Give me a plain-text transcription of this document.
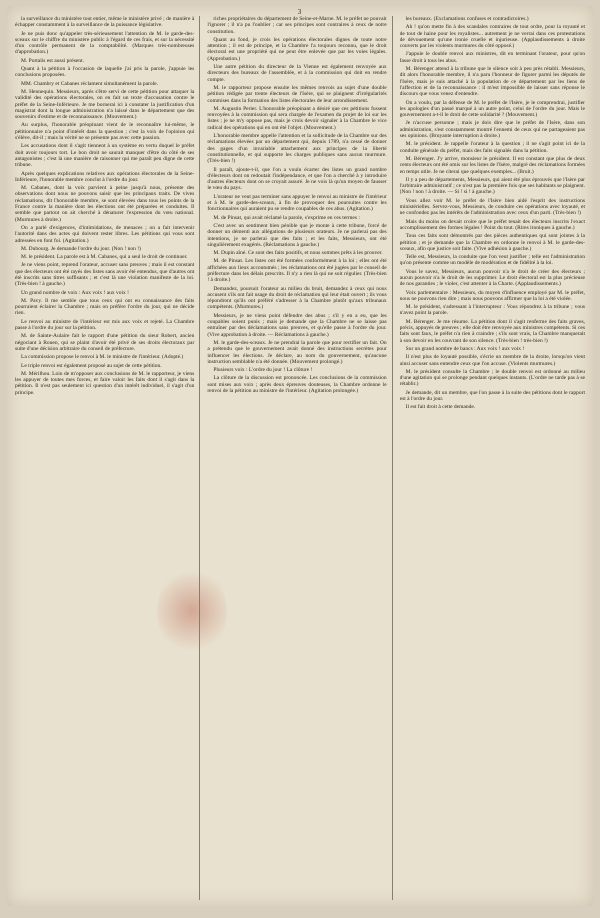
3

la surveillance du ministère tout entier, même le ministère privé ; de manière à échapper constamment à la surveillance de la puissance législative.

Je ne puis donc qu'appeler très-sérieusement l'attention de M. le garde-des-sceaux sur le chiffre du ministère public à l'égard de ces frais, et sur la nécessité d'un contrôle permanent de la comptabilité. (Marques très-nombreuses d'approbation.)

M. Portalis est aussi présent.

Quant à la pétition à l'occasion de laquelle j'ai pris la parole, j'appuie les conclusions proposées.

MM. Chambry et Cabanes réclament simultanément la parole.

M. Hennequin. Messieurs, après s'être servi de cette pétition pour attaquer la validité des opérations électorales, on en fait un texte d'accusation contre le préfet de la Seine-Inférieure. Je me bornerai ici à constater la justification d'un magistrat dont la longue administration n'a laissé dans le département que des souvenirs d'estime et de reconnaissance. (Mouvement.)

Au surplus, l'honorable préopinant vient de le reconnaître lui-même, le pétitionnaire n'a point d'intérêt dans la question ; c'est la voix de l'opinion qui s'élève, dit-il ; mais la vérité ne se présente pas avec cette passion.

Les accusations dont il s'agit tiennent à un système en vertu duquel le préfet doit avoir toujours tort. Le bon droit ne saurait manquer d'être du côté de ses antagonistes ; c'est là une manière de raisonner qui me paraît peu digne de cette tribune.

Après quelques explications relatives aux opérations électorales de la Seine-Inférieure, l'honorable membre conclut à l'ordre du jour.

M. Cabanes, dont la voix parvient à peine jusqu'à nous, présente des observations dont nous ne pouvons saisir que les principaux traits. De vives réclamations, dit l'honorable membre, se sont élevées dans tous les points de la France contre la manière dont les élections ont été préparées et conduites. Il semble que partout on ait cherché à dénaturer l'expression du vœu national. (Murmures à droite.)

On a parlé d'exigences, d'intimidations, de menaces ; on a fait intervenir l'autorité dans des actes qui doivent rester libres. Les pétitions qui vous sont adressées en font foi. (Agitation.)

M. Dubourg. Je demande l'ordre du jour. (Non ! non !)

M. le président. La parole est à M. Cabanes, qui a seul le droit de continuer.

Je ne viens point, reprend l'orateur, accuser sans preuves ; mais il est constant que des électeurs ont été rayés des listes sans avoir été entendus, que d'autres ont été inscrits sans titres suffisants ; et c'est là une violation manifeste de la loi. (Très-bien ! à gauche.)

Un grand nombre de voix : Aux voix ! aux voix !

M. Pavy. Il me semble que tous ceux qui ont eu connaissance des faits pourraient éclairer la Chambre ; mais on préfère l'ordre du jour, qui ne décide rien.

Le renvoi au ministre de l'intérieur est mis aux voix et rejeté. La Chambre passe à l'ordre du jour sur la pétition.

M. de Sainte-Aulaire fait le rapport d'une pétition du sieur Robert, ancien négociant à Rouen, qui se plaint d'avoir été privé de ses droits électoraux par suite d'une décision arbitraire du conseil de préfecture.

La commission propose le renvoi à M. le ministre de l'intérieur. (Adopté.)

Le triple renvoi est également proposé au sujet de cette pétition.

M. Mérilhou. Loin de m'opposer aux conclusions de M. le rapporteur, je viens les appuyer de toutes mes forces, et faire valoir les faits dont il s'agit dans la pétition. Il n'est pas seulement ici question d'un intérêt individuel, il s'agit d'un principe.

riches propriétaires du département de Seine-et-Marne. M. le préfet ne pouvait l'ignorer ; il n'a pu l'oublier ; car ses principes sont contraires à ceux de notre constitution.

Quant au fond, je crois les opérations électorales dignes de toute notre attention ; il est de principe, et la Chambre l'a toujours reconnu, que le droit électoral est une propriété qui ne peut être enlevée que par les voies légales. (Approbation.)

Une autre pétition du directeur de la Vienne est également renvoyée aux directeurs des bureaux de l'assemblée, et à la commission qui doit en rendre compte.

M. le rapporteur propose ensuite les mêmes renvois au sujet d'une double pétition rédigée par trente électeurs de l'Isère, qui se plaignent d'irrégularités commises dans la formation des listes électorales de leur arrondissement.

M. Augustin Perier. L'honorable préopinant a désiré que ces pétitions fussent renvoyées à la commission qui sera chargée de l'examen du projet de loi sur les listes ; je ne m'y oppose pas, mais je crois devoir signaler à la Chambre le vice radical des opérations qui en ont été l'objet. (Mouvement.)

L'honorable membre appelle l'attention et la sollicitude de la Chambre sur des réclamations élevées par un département qui, depuis 1789, n'a cessé de donner des gages d'un invariable attachement aux principes de la liberté constitutionnelle, et qui supporte les charges publiques sans aucun murmure. (Très-bien !)

Il paraît, ajoute-t-il, que l'on a voulu écarter des listes un grand nombre d'électeurs dont on redoutait l'indépendance, et que l'on a cherché à y introduire d'autres électeurs dont on se croyait assuré. Je ne vois là qu'un moyen de fausser le vœu du pays.

L'orateur ne veut pas terminer sans appuyer le renvoi au ministre de l'intérieur et à M. le garde-des-sceaux, à fin de provoquer des poursuites contre les fonctionnaires qui auraient pu se rendre coupables de ces abus. (Agitation.)

M. de Pinsat, qui avait réclamé la parole, s'exprime en ces termes :

C'est avec un sentiment bien pénible que je monte à cette tribune, forcé de donner un démenti aux allégations de plusieurs orateurs. Je ne parlerai pas des intentions, je ne parlerai que des faits ; et les faits, Messieurs, ont été singulièrement exagérés. (Réclamations à gauche.)

M. Dupin aîné. Ce sont des faits positifs, et nous sommes prêts à les prouver.

M. de Pinsat. Les listes ont été formées conformément à la loi ; elles ont été affichées aux lieux accoutumés ; les réclamations ont été jugées par le conseil de préfecture dans les délais prescrits. Il n'y a rien là qui ne soit régulier. (Très-bien ! à droite.)

Demandez, poursuit l'orateur au milieu du bruit, demandez à ceux qui nous accusent s'ils ont fait usage du droit de réclamation qui leur était ouvert ; ils vous répondront qu'ils ont préféré s'adresser à la Chambre plutôt qu'aux tribunaux compétents. (Murmures.)

Messieurs, je ne viens point défendre des abus ; s'il y en a eu, que les coupables soient punis ; mais je demande que la Chambre ne se laisse pas entraîner par des déclamations sans preuves, et qu'elle passe à l'ordre du jour. (Vive approbation à droite. — Réclamations à gauche.)

M. le garde-des-sceaux. Je ne prendrai la parole que pour rectifier un fait. On a prétendu que le gouvernement avait donné des instructions secrètes pour influencer les élections. Je déclare, au nom du gouvernement, qu'aucune instruction semblable n'a été donnée. (Mouvement prolongé.)

Plusieurs voix : L'ordre du jour ! La clôture !

La clôture de la discussion est prononcée. Les conclusions de la commission sont mises aux voix ; après deux épreuves douteuses, la Chambre ordonne le renvoi de la pétition au ministre de l'intérieur. (Agitation prolongée.)

les bureaux. (Exclamations confuses et contradictoires.)

Ah ! qu'on mette fin à des scandales contraires de tout ordre, pour la royauté et de tout de haine pour les royalistes... autrement je ne verrai dans ces protestations de dévouement qu'une ironie cruelle et injurieuse. (Applaudissements à droite couverts par les violents murmures du côté opposé.)

J'appuie le double renvoi aux ministres, dit en terminant l'orateur, pour qu'on fasse droit à tous les abus.

M. Bérenger attend à la tribune que le silence soit à peu près rétabli. Messieurs, dit alors l'honorable membre, il n'a paru l'honneur de figurer parmi les députés de l'Isère, mais je suis attaché à la population de ce département par les liens de l'affection et de la reconnaissance : il m'est impossible de laisser sans réponse le discours que vous venez d'entendre.

On a voulu, par la défense de M. le préfet de l'Isère, je le comprendrai, justifier les apologies d'un passé marqué à un autre point, celui de l'ordre du jour. Mais le gouvernement a-t-il le droit de cette solidarité ? (Mouvement.)

Je n'accuse personne ; mais je dois dire que le préfet de l'Isère, dans son administration, s'est constamment montré l'ennemi de ceux qui ne partageaient pas ses opinions. (Bruyante interruption à droite.)

M. le président. Je rappelle l'orateur à la question ; il ne s'agit point ici de la conduite générale du préfet, mais des faits signalés dans la pétition.

M. Bérenger. J'y arrive, monsieur le président. Il est constant que plus de deux cents électeurs ont été omis sur les listes de l'Isère, malgré des réclamations formées en temps utile. Je ne citerai que quelques exemples... (Bruit.)

Il y a peu de départements, Messieurs, qui aient été plus éprouvés que l'Isère par l'arbitraire administratif ; ce n'est pas la première fois que ses habitants se plaignent. (Non ! non ! à droite. — Si ! si ! à gauche.)

Vous allez voir M. le préfet de l'Isère bien aidé l'esprit des instructions ministérielles. Servez-vous, Messieurs, de conduire ces opérations avec loyauté, et ne confondez pas les intérêts de l'administration avec ceux d'un parti. (Très-bien !)

Mais du moins on devait croire que le préfet tenait des électeurs inscrits l'exact accomplissement des formes légales ! Point du tout. (Rires ironiques à gauche.)

Tous ces faits sont démontrés par des pièces authentiques qui sont jointes à la pétition ; et je demande que la Chambre en ordonne le renvoi à M. le garde-des-sceaux, afin que justice soit faite. (Vive adhésion à gauche.)

Telle est, Messieurs, la conduite que l'on veut justifier ; telle est l'administration qu'on présente comme un modèle de modération et de fidélité à la loi.

Vous le savez, Messieurs, aucun pouvoir n'a le droit de créer des électeurs ; aucun pouvoir n'a le droit de les supprimer. Le droit électoral est la plus précieuse de nos garanties ; le violer, c'est attenter à la Charte. (Applaudissements.)

Voix parlementaire : Messieurs, du moyen d'influence employé par M. le préfet, nous ne pouvons rien dire ; mais nous pouvons affirmer que la loi a été violée.

M. le président, s'adressant à l'interrupteur : Vous répondrez à la tribune ; vous n'avez point la parole.

M. Bérenger. Je me résume. La pétition dont il s'agit renferme des faits graves, précis, appuyés de preuves ; elle doit être renvoyée aux ministres compétents. Si ces faits sont faux, le préfet n'a rien à craindre ; s'ils sont vrais, la Chambre manquerait à son devoir en les couvrant de son silence. (Très-bien ! très-bien !)

Sur un grand nombre de bancs : Aux voix ! aux voix !

Il n'est plus de loyauté possible, s'écrie un membre de la droite, lorsqu'on vient ainsi accuser sans entendre ceux que l'on accuse. (Violents murmures.)

M. le président consulte la Chambre ; le double renvoi est ordonné au milieu d'une agitation qui se prolonge pendant quelques instants. (L'ordre ne tarde pas à se rétablir.)

Je demande, dit un membre, que l'on passe à la suite des pétitions dont le rapport est à l'ordre du jour.

Il est fait droit à cette demande.
